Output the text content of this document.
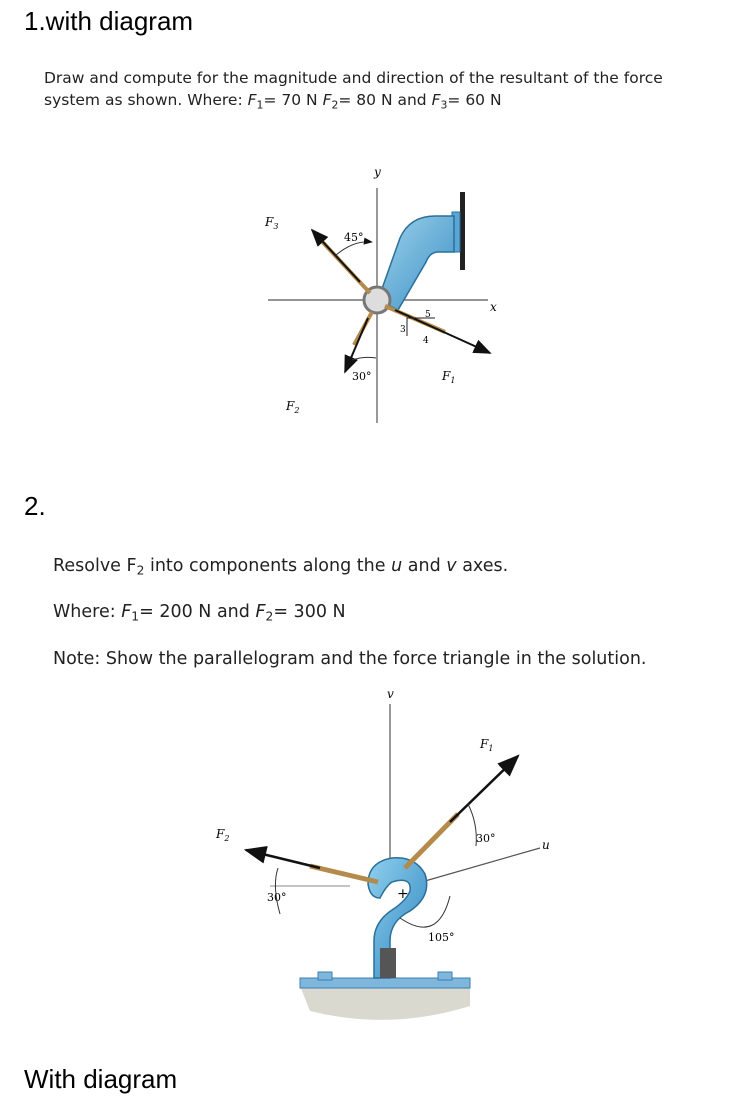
1.with diagram
Draw and compute for the magnitude and direction of the resultant of the force
system as shown. Where: $F_1= 70$ N $F_2= 80$ N and $F_3= 60$ N
y
x
$F_3$
45°
$F_1$
5
3
4
$F_2$
30°
2.
Resolve $F_2$ into components along the u and v axes.
Where: $F_1= 200$ N and $F_2= 300$ N
Note: Show the parallelogram and the force triangle in the solution.
v
u
+
$F_1$
30°
$F_2$
30°
105°
With diagram
